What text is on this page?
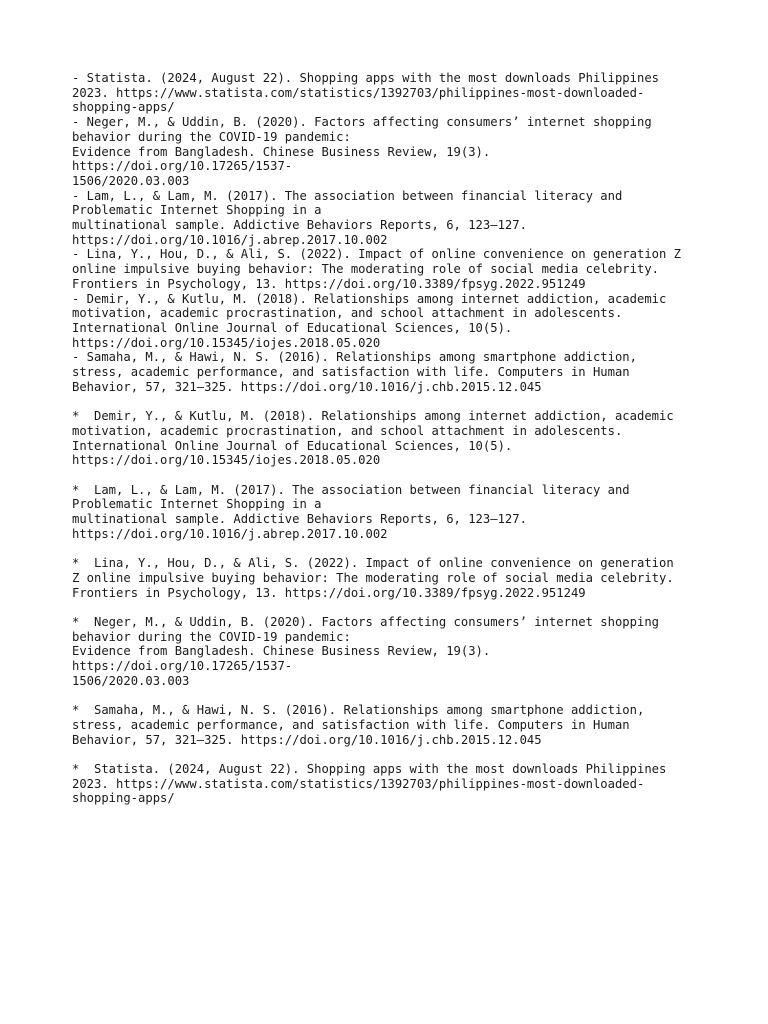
- Statista. (2024, August 22). Shopping apps with the most downloads Philippines
2023. https://www.statista.com/statistics/1392703/philippines-most-downloaded-
shopping-apps/
- Neger, M., & Uddin, B. (2020). Factors affecting consumers’ internet shopping
behavior during the COVID-19 pandemic:
Evidence from Bangladesh. Chinese Business Review, 19(3).
https://doi.org/10.17265/1537-
1506/2020.03.003
- Lam, L., & Lam, M. (2017). The association between financial literacy and
Problematic Internet Shopping in a
multinational sample. Addictive Behaviors Reports, 6, 123–127.
https://doi.org/10.1016/j.abrep.2017.10.002
- Lina, Y., Hou, D., & Ali, S. (2022). Impact of online convenience on generation Z
online impulsive buying behavior: The moderating role of social media celebrity.
Frontiers in Psychology, 13. https://doi.org/10.3389/fpsyg.2022.951249
- Demir, Y., & Kutlu, M. (2018). Relationships among internet addiction, academic
motivation, academic procrastination, and school attachment in adolescents.
International Online Journal of Educational Sciences, 10(5).
https://doi.org/10.15345/iojes.2018.05.020
- Samaha, M., & Hawi, N. S. (2016). Relationships among smartphone addiction,
stress, academic performance, and satisfaction with life. Computers in Human
Behavior, 57, 321–325. https://doi.org/10.1016/j.chb.2015.12.045
*  Demir, Y., & Kutlu, M. (2018). Relationships among internet addiction, academic
motivation, academic procrastination, and school attachment in adolescents.
International Online Journal of Educational Sciences, 10(5).
https://doi.org/10.15345/iojes.2018.05.020
*  Lam, L., & Lam, M. (2017). The association between financial literacy and
Problematic Internet Shopping in a
multinational sample. Addictive Behaviors Reports, 6, 123–127.
https://doi.org/10.1016/j.abrep.2017.10.002
*  Lina, Y., Hou, D., & Ali, S. (2022). Impact of online convenience on generation
Z online impulsive buying behavior: The moderating role of social media celebrity.
Frontiers in Psychology, 13. https://doi.org/10.3389/fpsyg.2022.951249
*  Neger, M., & Uddin, B. (2020). Factors affecting consumers’ internet shopping
behavior during the COVID-19 pandemic:
Evidence from Bangladesh. Chinese Business Review, 19(3).
https://doi.org/10.17265/1537-
1506/2020.03.003
*  Samaha, M., & Hawi, N. S. (2016). Relationships among smartphone addiction,
stress, academic performance, and satisfaction with life. Computers in Human
Behavior, 57, 321–325. https://doi.org/10.1016/j.chb.2015.12.045
*  Statista. (2024, August 22). Shopping apps with the most downloads Philippines
2023. https://www.statista.com/statistics/1392703/philippines-most-downloaded-
shopping-apps/
